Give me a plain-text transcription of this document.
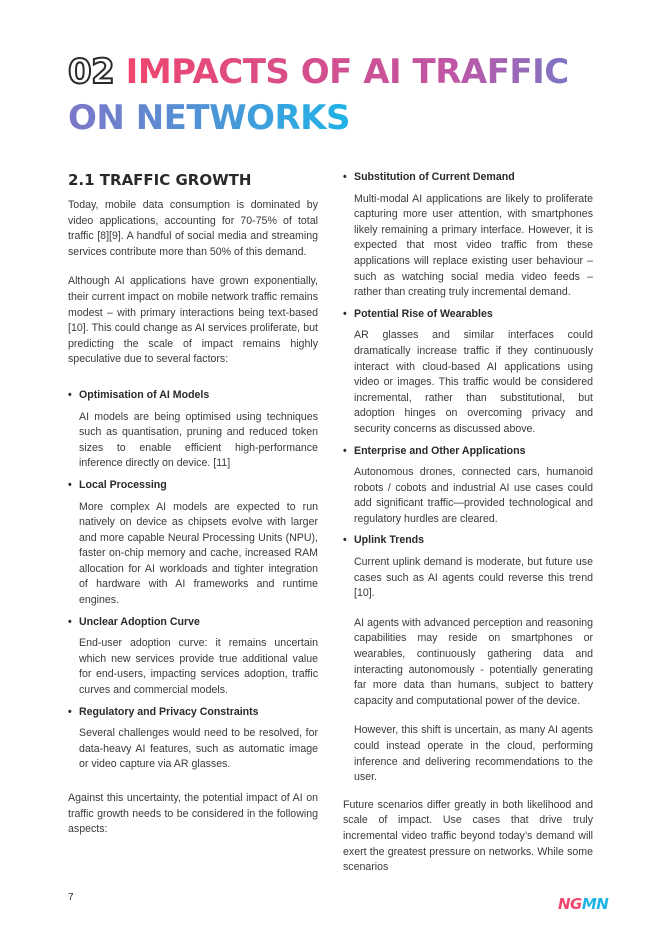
02 IMPACTS OF AI TRAFFIC ON NETWORKS
2.1 TRAFFIC GROWTH

Today, mobile data consumption is dominated by video applications, accounting for 70-75% of total traffic [8][9]. A handful of social media and streaming services contribute more than 50% of this demand.

Although AI applications have grown exponentially, their current impact on mobile network traffic remains modest – with primary interactions being text-based [10]. This could change as AI services proliferate, but predicting the scale of impact remains highly speculative due to several factors:

• Optimisation of AI Models
AI models are being optimised using techniques such as quantisation, pruning and reduced token sizes to enable efficient high-performance inference directly on device. [11]
• Local Processing
More complex AI models are expected to run natively on device as chipsets evolve with larger and more capable Neural Processing Units (NPU), faster on-chip memory and cache, increased RAM allocation for AI workloads and tighter integration of hardware with AI frameworks and runtime engines.
• Unclear Adoption Curve
End-user adoption curve: it remains uncertain which new services provide true additional value for end-users, impacting services adoption, traffic curves and commercial models.
• Regulatory and Privacy Constraints
Several challenges would need to be resolved, for data-heavy AI features, such as automatic image or video capture via AR glasses.

Against this uncertainty, the potential impact of AI on traffic growth needs to be considered in the following aspects:

• Substitution of Current Demand

Multi-modal AI applications are likely to proliferate capturing more user attention, with smartphones likely remaining a primary interface. However, it is expected that most video traffic from these applications will replace existing user behaviour – such as watching social media video feeds – rather than creating truly incremental demand.

• Potential Rise of Wearables

AR glasses and similar interfaces could dramatically increase traffic if they continuously interact with cloud-based AI applications using video or images. This traffic would be considered incremental, rather than substitutional, but adoption hinges on overcoming privacy and security concerns as discussed above.

• Enterprise and Other Applications

Autonomous drones, connected cars, humanoid robots / cobots and industrial AI use cases could add significant traffic—provided technological and regulatory hurdles are cleared.

• Uplink Trends

Current uplink demand is moderate, but future use cases such as AI agents could reverse this trend [10].

AI agents with advanced perception and reasoning capabilities may reside on smartphones or wearables, continuously gathering data and interacting autonomously - potentially generating far more data than humans, subject to battery capacity and computational power of the device.

However, this shift is uncertain, as many AI agents could instead operate in the cloud, performing inference and delivering recommendations to the user.

Future scenarios differ greatly in both likelihood and scale of impact. Use cases that drive truly incremental video traffic beyond today’s demand will exert the greatest pressure on networks. While some scenarios

7	NGMN
